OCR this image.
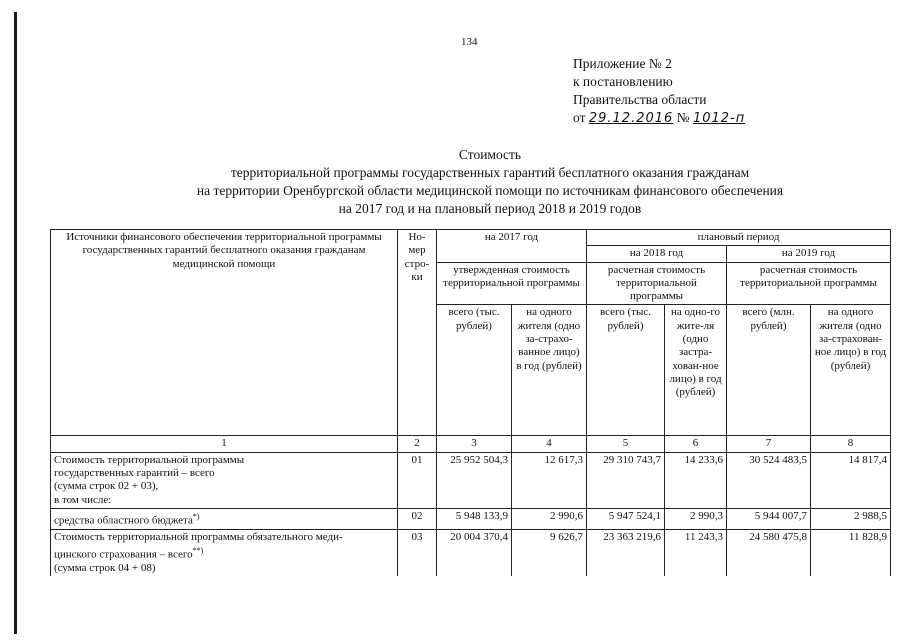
134
Приложение № 2
к постановлению
Правительства области
от 29.12.2016 № 1012-п
Стоимость
территориальной программы государственных гарантий бесплатного оказания гражданам
на территории Оренбургской области медицинской помощи по источникам финансового обеспечения
на 2017 год и на плановый период 2018 и 2019 годов
Источники финансового обеспечения территориальной программы государственных гарантий бесплатного оказания гражданам медицинской помощи	Но-мер стро-ки	на 2017 год		плановый период			
				на 2018 год		на 2019 год	
		утвержденная стоимость территориальной программы		расчетная стоимость территориальной программы		расчетная стоимость территориальной программы	
		всего (тыс. рублей)	на одного жителя (одно за-страхо-ванное лицо) в год (рублей)	всего (тыс. рублей)	на одно-го жите-ля (одно застра-хован-ное лицо) в год (рублей)	всего (млн. рублей)	на одного жителя (одно за-страхован-ное лицо) в год (рублей)
1	2	3	4	5	6	7	8

Стоимость территориальной программы
государственных гарантий – всего
(сумма строк 02 + 03),
в том числе:	01	25 952 504,3	12 617,3	29 310 743,7	14 233,6	30 524 483,5	14 817,4
средства областного бюджета*)	02	5 948 133,9	2 990,6	5 947 524,1	2 990,3	5 944 007,7	2 988,5

Стоимость территориальной программы обязательного меди-
цинского страхования – всего**)
(сумма строк 04 + 08)	03	20 004 370,4	9 626,7	23 363 219,6	11 243,3	24 580 475,8	11 828,9
